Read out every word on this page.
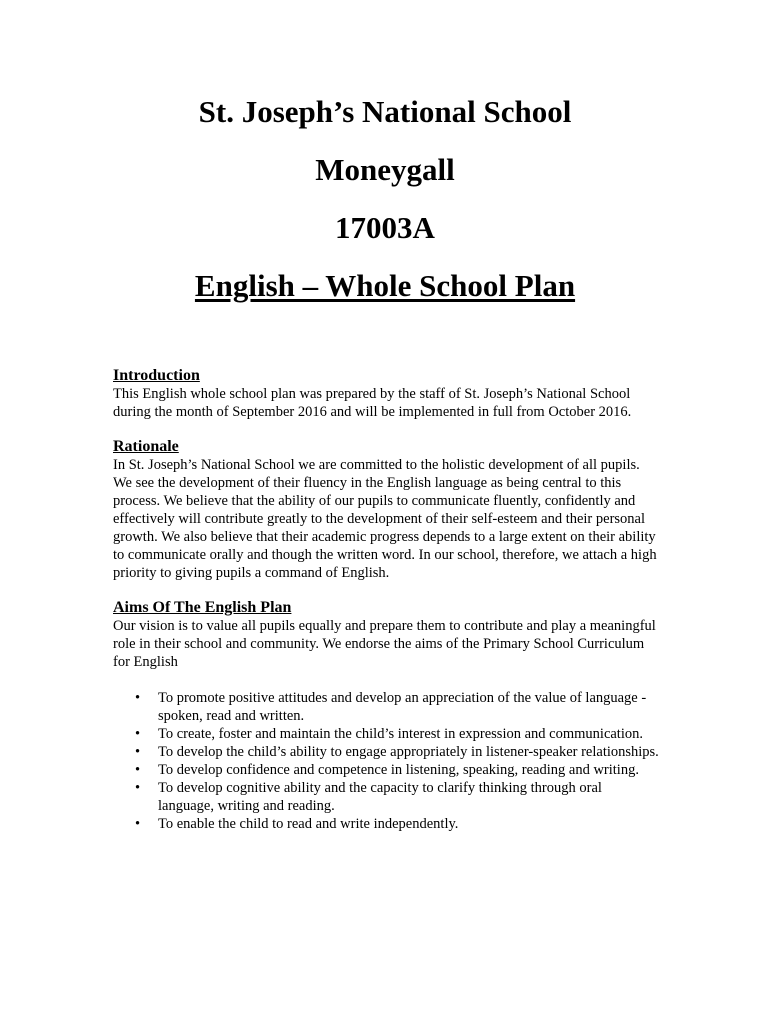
St. Joseph’s National School
Moneygall
17003A
English – Whole School Plan

Introduction

This English whole school plan was prepared by the staff of St. Joseph’s National School during the month of September 2016 and will be implemented in full from October 2016.

Rationale

In St. Joseph’s National School we are committed to the holistic development of all pupils. We see the development of their fluency in the English language as being central to this process. We believe that the ability of our pupils to communicate fluently, confidently and effectively will contribute greatly to the development of their self-esteem and their personal growth. We also believe that their academic progress depends to a large extent on their ability to communicate orally and though the written word. In our school, therefore, we attach a high priority to giving pupils a command of English.

Aims Of The English Plan

Our vision is to value all pupils equally and prepare them to contribute and play a meaningful role in their school and community. We endorse the aims of the Primary School Curriculum for English

• To promote positive attitudes and develop an appreciation of the value of language - spoken, read and written.
• To create, foster and maintain the child’s interest in expression and communication.
• To develop the child’s ability to engage appropriately in listener-speaker relationships.
• To develop confidence and competence in listening, speaking, reading and writing.
• To develop cognitive ability and the capacity to clarify thinking through oral language, writing and reading.
• To enable the child to read and write independently.
